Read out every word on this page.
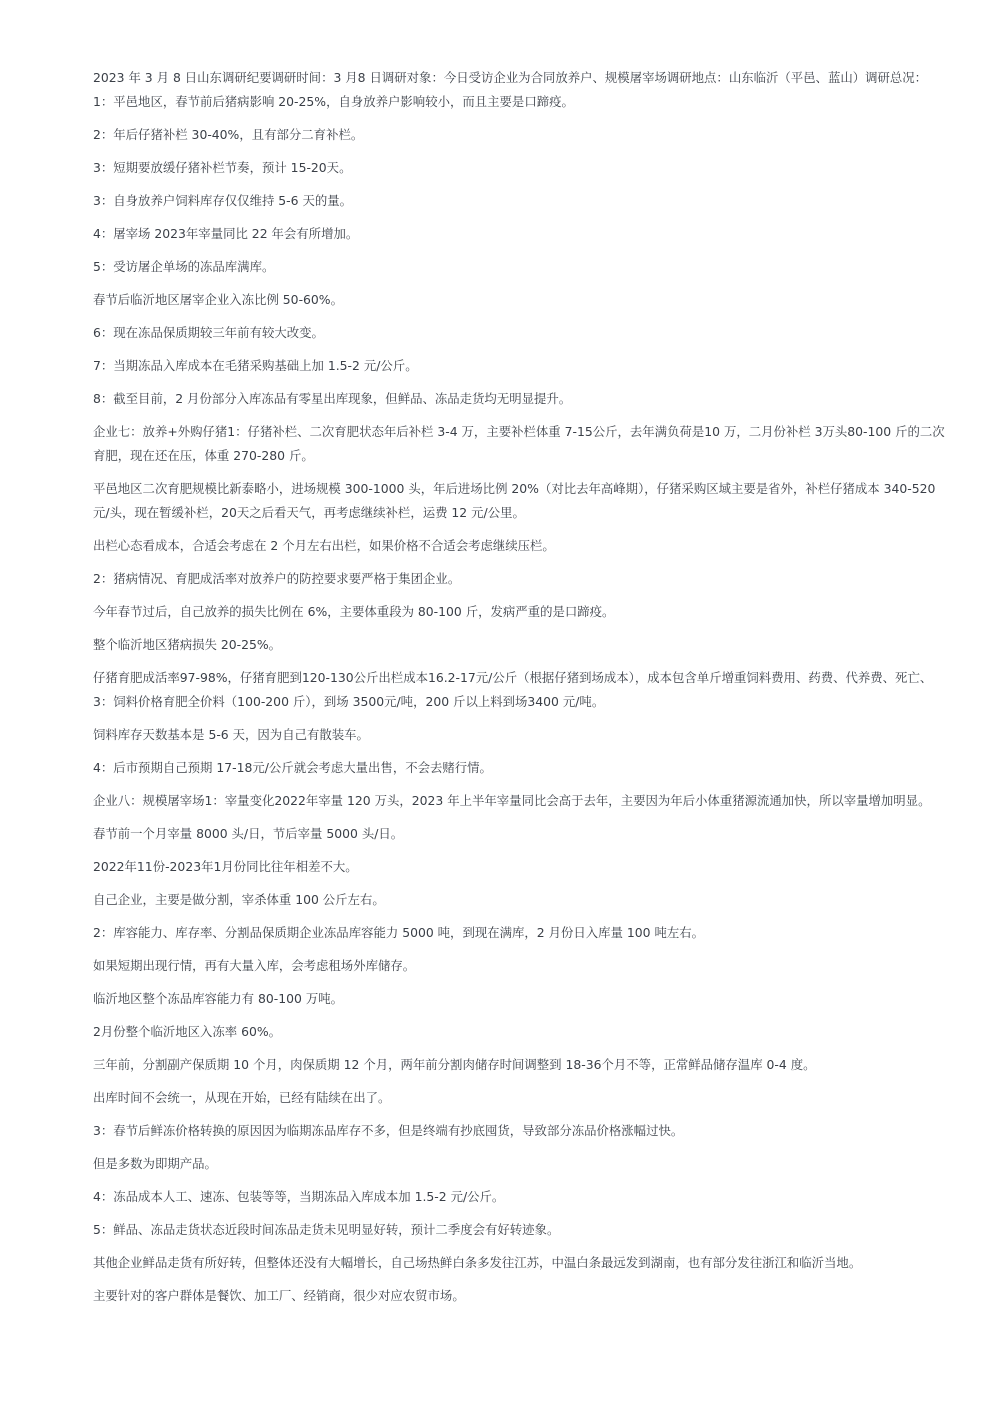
2023 年 3 月 8 日山东调研纪要调研时间：3 月8 日调研对象：今日受访企业为合同放养户、规模屠宰场调研地点：山东临沂（平邑、蓝山）调研总况：1：平邑地区，春节前后猪病影响 20-25%，自身放养户影响较小，而且主要是口蹄疫。

2：年后仔猪补栏 30-40%，且有部分二育补栏。

3：短期要放缓仔猪补栏节奏，预计 15-20天。

3：自身放养户饲料库存仅仅维持 5-6 天的量。

4：屠宰场 2023年宰量同比 22 年会有所增加。

5：受访屠企单场的冻品库满库。

春节后临沂地区屠宰企业入冻比例 50-60%。

6：现在冻品保质期较三年前有较大改变。

7：当期冻品入库成本在毛猪采购基础上加 1.5-2 元/公斤。

8：截至目前，2 月份部分入库冻品有零星出库现象，但鲜品、冻品走货均无明显提升。

企业七：放养+外购仔猪1：仔猪补栏、二次育肥状态年后补栏 3-4 万，主要补栏体重 7-15公斤，去年满负荷是10 万，二月份补栏 3万头80-100 斤的二次育肥，现在还在压，体重 270-280 斤。

平邑地区二次育肥规模比新泰略小，进场规模 300-1000 头，年后进场比例 20%（对比去年高峰期），仔猪采购区域主要是省外，补栏仔猪成本 340-520 元/头，现在暂缓补栏，20天之后看天气，再考虑继续补栏，运费 12 元/公里。

出栏心态看成本，合适会考虑在 2 个月左右出栏，如果价格不合适会考虑继续压栏。

2：猪病情况、育肥成活率对放养户的防控要求要严格于集团企业。

今年春节过后，自己放养的损失比例在 6%，主要体重段为 80-100 斤，发病严重的是口蹄疫。

整个临沂地区猪病损失 20-25%。

仔猪育肥成活率97-98%，仔猪育肥到120-130公斤出栏成本16.2-17元/公斤（根据仔猪到场成本），成本包含单斤增重饲料费用、药费、代养费、死亡、3：饲料价格育肥全价料（100-200 斤），到场 3500元/吨，200 斤以上料到场3400 元/吨。

饲料库存天数基本是 5-6 天，因为自己有散装车。

4：后市预期自己预期 17-18元/公斤就会考虑大量出售，不会去赌行情。

企业八：规模屠宰场1：宰量变化2022年宰量 120 万头，2023 年上半年宰量同比会高于去年，主要因为年后小体重猪源流通加快，所以宰量增加明显。

春节前一个月宰量 8000 头/日，节后宰量 5000 头/日。

2022年11份-2023年1月份同比往年相差不大。

自己企业，主要是做分割，宰杀体重 100 公斤左右。

2：库容能力、库存率、分割品保质期企业冻品库容能力 5000 吨，到现在满库，2 月份日入库量 100 吨左右。

如果短期出现行情，再有大量入库，会考虑租场外库储存。

临沂地区整个冻品库容能力有 80-100 万吨。

2月份整个临沂地区入冻率 60%。

三年前，分割副产保质期 10 个月，肉保质期 12 个月，两年前分割肉储存时间调整到 18-36个月不等，正常鲜品储存温库 0-4 度。

出库时间不会统一，从现在开始，已经有陆续在出了。

3：春节后鲜冻价格转换的原因因为临期冻品库存不多，但是终端有抄底囤货，导致部分冻品价格涨幅过快。

但是多数为即期产品。

4：冻品成本人工、速冻、包装等等，当期冻品入库成本加 1.5-2 元/公斤。

5：鲜品、冻品走货状态近段时间冻品走货未见明显好转，预计二季度会有好转迹象。

其他企业鲜品走货有所好转，但整体还没有大幅增长，自己场热鲜白条多发往江苏，中温白条最远发到湖南，也有部分发往浙江和临沂当地。

主要针对的客户群体是餐饮、加工厂、经销商，很少对应农贸市场。
